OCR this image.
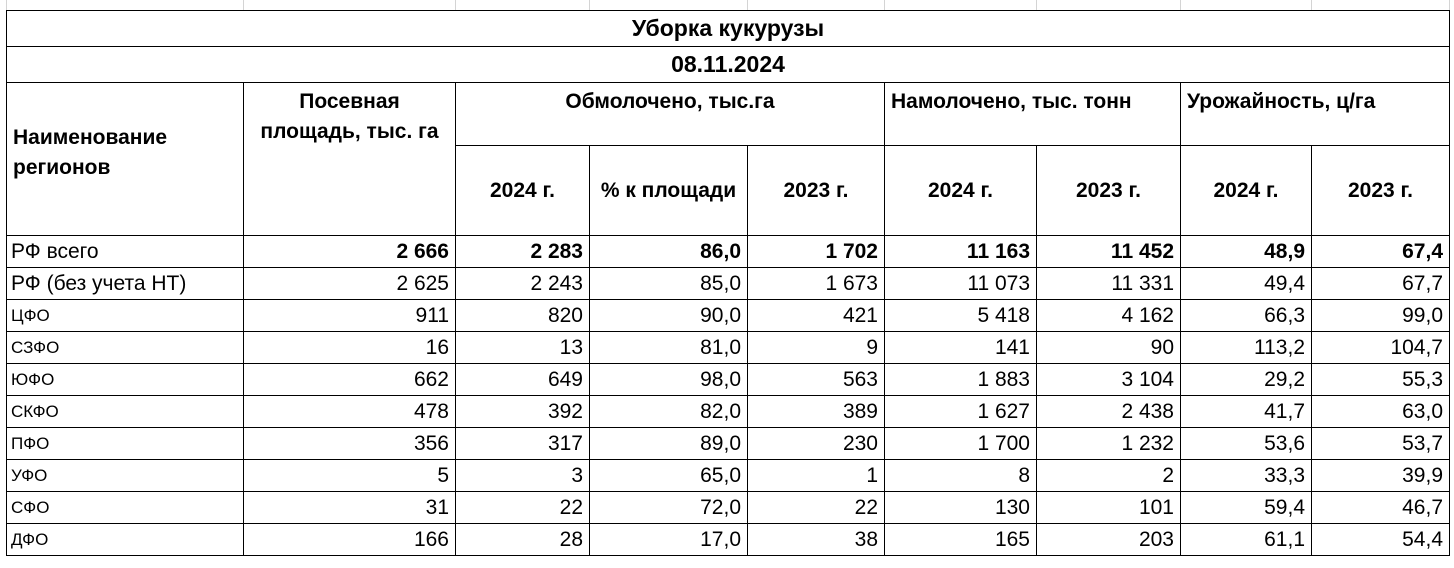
Уборка кукурузы								
08.11.2024								
Наименование регионов	Посевная площадь, тыс. га	Обмолочено, тыс.га			Намолочено, тыс. тонн		Урожайность, ц/га	
		2024 г.	% к площади	2023 г.	2024 г.	2023 г.	2024 г.	2023 г.
РФ всего	2 666	2 283	86,0	1 702	11 163	11 452	48,9	67,4
РФ (без учета НТ)	2 625	2 243	85,0	1 673	11 073	11 331	49,4	67,7
ЦФО	911	820	90,0	421	5 418	4 162	66,3	99,0
СЗФО	16	13	81,0	9	141	90	113,2	104,7
ЮФО	662	649	98,0	563	1 883	3 104	29,2	55,3
СКФО	478	392	82,0	389	1 627	2 438	41,7	63,0
ПФО	356	317	89,0	230	1 700	1 232	53,6	53,7
УФО	5	3	65,0	1	8	2	33,3	39,9
СФО	31	22	72,0	22	130	101	59,4	46,7
ДФО	166	28	17,0	38	165	203	61,1	54,4
